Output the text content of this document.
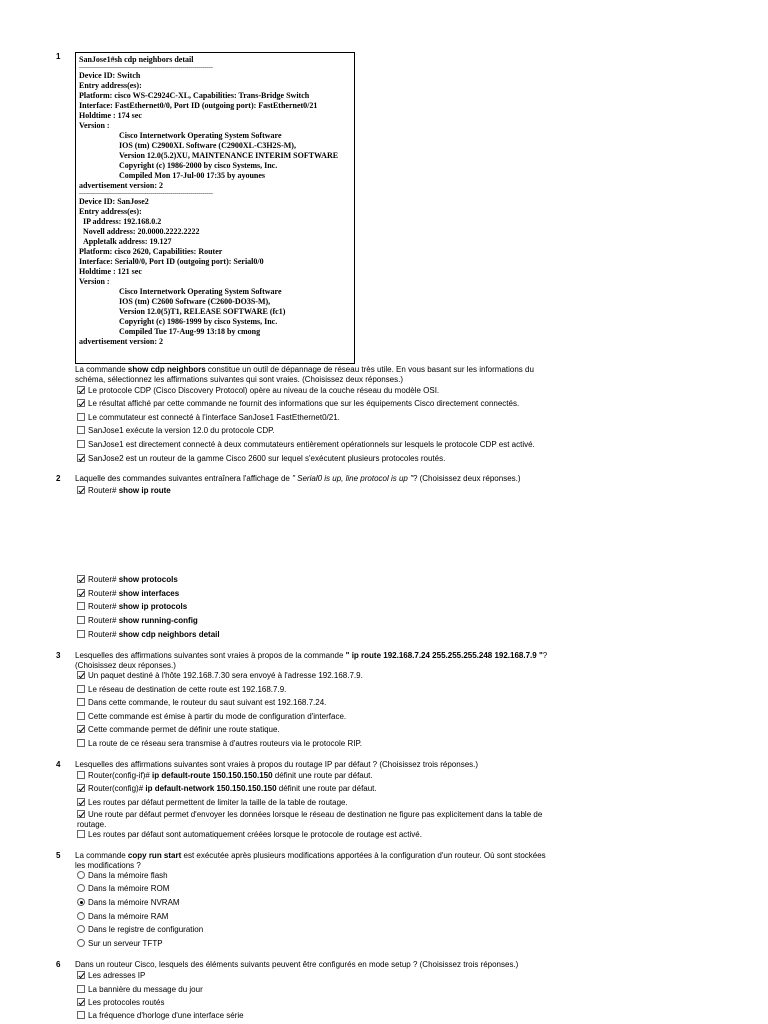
1 SanJose1#sh cdp neighbors detail
-------------------------------------------------------------------
Device ID: Switch
Entry address(es):
Platform: cisco WS-C2924C-XL, Capabilities: Trans-Bridge Switch
Interface: FastEthernet0/0, Port ID (outgoing port): FastEthernet0/21
Holdtime : 174 sec
Version :
Cisco Internetwork Operating System Software
IOS (tm) C2900XL Software (C2900XL-C3H2S-M),
Version 12.0(5.2)XU, MAINTENANCE INTERIM SOFTWARE
Copyright (c) 1986-2000 by cisco Systems, Inc.
Compiled Mon 17-Jul-00 17:35 by ayounes
advertisement version: 2
-------------------------------------------------------------------
Device ID: SanJose2
Entry address(es):
IP address: 192.168.0.2
Novell address: 20.0000.2222.2222
Appletalk address: 19.127
Platform: cisco 2620, Capabilities: Router
Interface: Serial0/0, Port ID (outgoing port): Serial0/0
Holdtime : 121 sec
Version :
Cisco Internetwork Operating System Software
IOS (tm) C2600 Software (C2600-DO3S-M),
Version 12.0(5)T1, RELEASE SOFTWARE (fc1)
Copyright (c) 1986-1999 by cisco Systems, Inc.
Compiled Tue 17-Aug-99 13:18 by cmong
advertisement version: 2
La commande show cdp neighbors constitue un outil de dépannage de réseau très utile. En vous basant sur les informations du schéma, sélectionnez les affirmations suivantes qui sont vraies. (Choisissez deux réponses.)
Le protocole CDP (Cisco Discovery Protocol) opère au niveau de la couche réseau du modèle OSI.
Le résultat affiché par cette commande ne fournit des informations que sur les équipements Cisco directement connectés.
Le commutateur est connecté à l'interface SanJose1 FastEthernet0/21.
SanJose1 exécute la version 12.0 du protocole CDP.
SanJose1 est directement connecté à deux commutateurs entièrement opérationnels sur lesquels le protocole CDP est activé.
SanJose2 est un routeur de la gamme Cisco 2600 sur lequel s'exécutent plusieurs protocoles routés.
2 Laquelle des commandes suivantes entraînera l'affichage de " Serial0 is up, line protocol is up "? (Choisissez deux réponses.)
Router# show ip route
Router# show protocols
Router# show interfaces
Router# show ip protocols
Router# show running-config
Router# show cdp neighbors detail
3 Lesquelles des affirmations suivantes sont vraies à propos de la commande " ip route 192.168.7.24 255.255.255.248 192.168.7.9 "? (Choisissez deux réponses.)
Un paquet destiné à l'hôte 192.168.7.30 sera envoyé à l'adresse 192.168.7.9.
Le réseau de destination de cette route est 192.168.7.9.
Dans cette commande, le routeur du saut suivant est 192.168.7.24.
Cette commande est émise à partir du mode de configuration d'interface.
Cette commande permet de définir une route statique.
La route de ce réseau sera transmise à d'autres routeurs via le protocole RIP.
4 Lesquelles des affirmations suivantes sont vraies à propos du routage IP par défaut ? (Choisissez trois réponses.)
Router(config-if)# ip default-route 150.150.150.150 définit une route par défaut.
Router(config)# ip default-network 150.150.150.150 définit une route par défaut.
Les routes par défaut permettent de limiter la taille de la table de routage.
Une route par défaut permet d'envoyer les données lorsque le réseau de destination ne figure pas explicitement dans la table de routage.
Les routes par défaut sont automatiquement créées lorsque le protocole de routage est activé.
5 La commande copy run start est exécutée après plusieurs modifications apportées à la configuration d'un routeur. Où sont stockées les modifications ?
Dans la mémoire flash
Dans la mémoire ROM
Dans la mémoire NVRAM
Dans la mémoire RAM
Dans le registre de configuration
Sur un serveur TFTP
6 Dans un routeur Cisco, lesquels des éléments suivants peuvent être configurés en mode setup ? (Choisissez trois réponses.)
Les adresses IP
La bannière du message du jour
Les protocoles routés
La fréquence d'horloge d'une interface série
